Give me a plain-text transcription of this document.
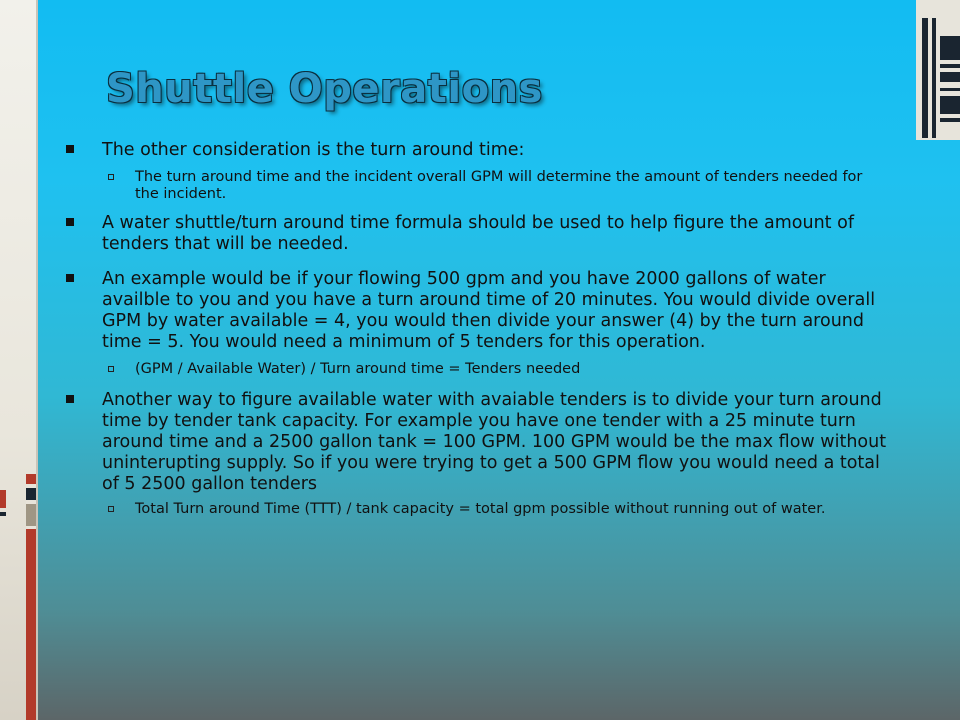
Shuttle Operations
The other consideration is the turn around time:
The turn around time and the incident overall GPM will determine the amount of tenders needed for the incident.
A water shuttle/turn around time formula should be used to help figure the amount of tenders that will be needed.
An example would be if your flowing 500 gpm and you have 2000 gallons of water availble to you and you have a turn around time of 20 minutes. You would divide overall GPM by water available = 4, you would then divide your answer (4) by the turn around time = 5. You would need a minimum of 5 tenders for this operation.
(GPM / Available Water) / Turn around time = Tenders needed
Another way to figure available water with avaiable tenders is to divide your turn around time by tender tank capacity. For example you have one tender with a 25 minute turn around time and a 2500 gallon tank = 100 GPM. 100 GPM would be the max flow without uninterupting supply. So if you were trying to get a 500 GPM flow you would need a total of 5 2500 gallon tenders
Total Turn around Time (TTT) / tank capacity = total gpm possible without running out of water.
